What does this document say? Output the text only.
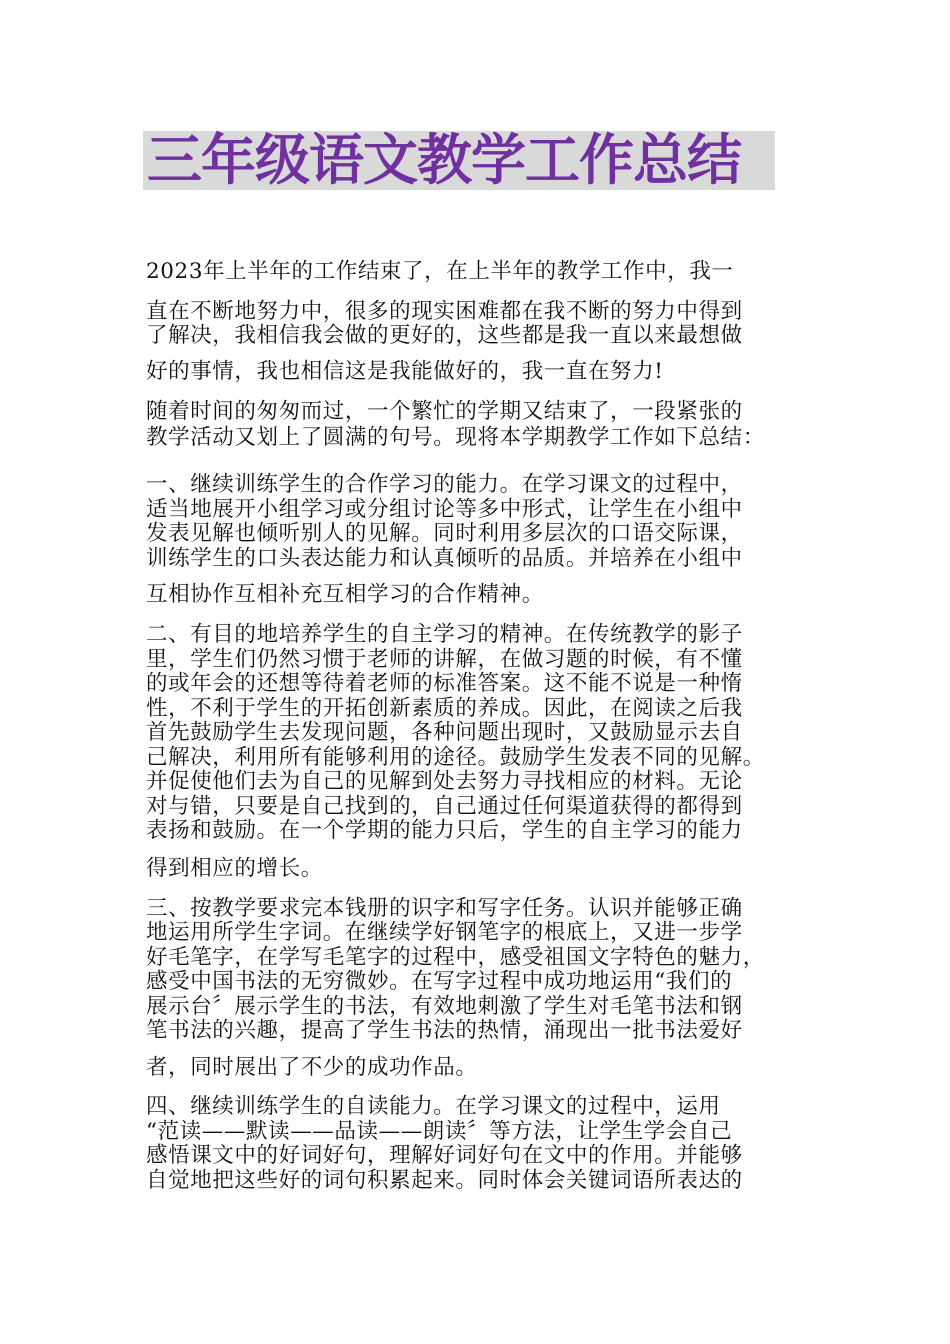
三年级语文教学工作总结

2023年上半年的工作结束了，在上半年的教学工作中，我一

直在不断地努力中，很多的现实困难都在我不断的努力中得到

了解决，我相信我会做的更好的，这些都是我一直以来最想做

好的事情，我也相信这是我能做好的，我一直在努力!

随着时间的匆匆而过，一个繁忙的学期又结束了，一段紧张的

教学活动又划上了圆满的句号。现将本学期教学工作如下总结：

一、继续训练学生的合作学习的能力。在学习课文的过程中，

适当地展开小组学习或分组讨论等多中形式，让学生在小组中

发表见解也倾听别人的见解。同时利用多层次的口语交际课，

训练学生的口头表达能力和认真倾听的品质。并培养在小组中

互相协作互相补充互相学习的合作精神。

二、有目的地培养学生的自主学习的精神。在传统教学的影子

里，学生们仍然习惯于老师的讲解，在做习题的时候，有不懂

的或年会的还想等待着老师的标准答案。这不能不说是一种惰

性，不利于学生的开拓创新素质的养成。因此，在阅读之后我

首先鼓励学生去发现问题，各种问题出现时，又鼓励显示去自

己解决，利用所有能够利用的途径。鼓励学生发表不同的见解。

并促使他们去为自己的见解到处去努力寻找相应的材料。无论

对与错，只要是自己找到的，自己通过任何渠道获得的都得到

表扬和鼓励。在一个学期的能力只后，学生的自主学习的能力

得到相应的增长。

三、按教学要求完本钱册的识字和写字任务。认识并能够正确

地运用所学生字词。在继续学好钢笔字的根底上，又进一步学

好毛笔字，在学写毛笔字的过程中，感受祖国文字特色的魅力，

感受中国书法的无穷微妙。在写字过程中成功地运用“我们的

展示台〞展示学生的书法，有效地刺激了学生对毛笔书法和钢

笔书法的兴趣，提高了学生书法的热情，涌现出一批书法爱好

者，同时展出了不少的成功作品。

四、继续训练学生的自读能力。在学习课文的过程中，运用

“范读——默读——品读——朗读〞等方法，让学生学会自己

感悟课文中的好词好句，理解好词好句在文中的作用。并能够

自觉地把这些好的词句积累起来。同时体会关键词语所表达的
